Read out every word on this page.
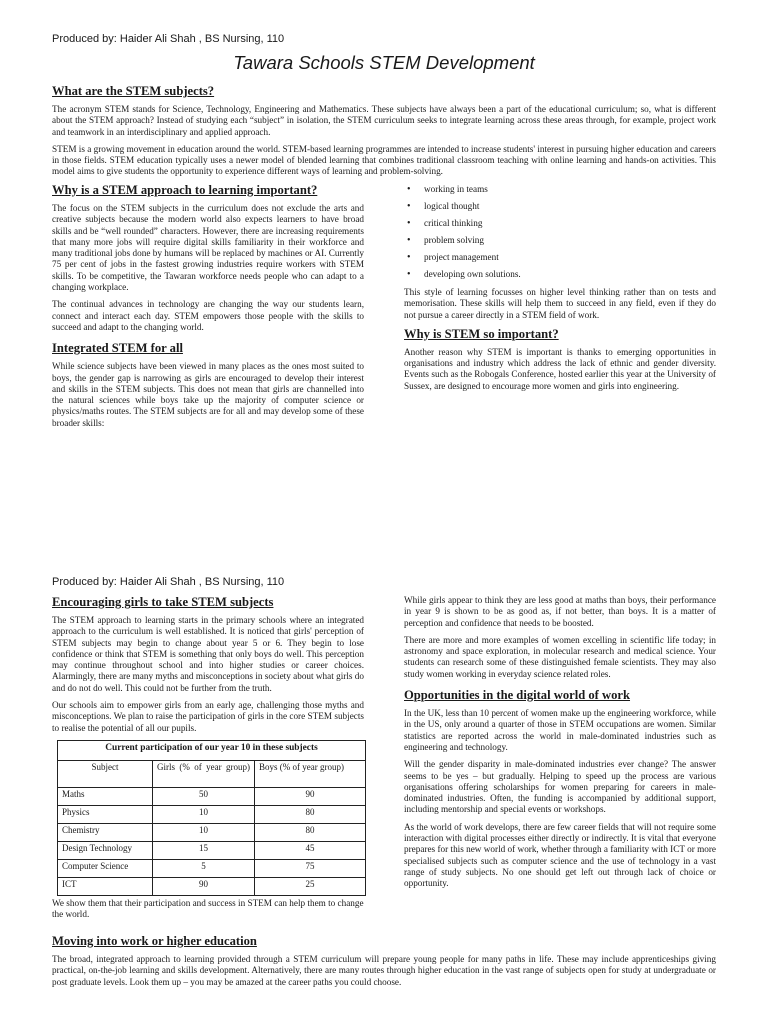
Produced by: Haider Ali Shah , BS Nursing, 110
Tawara Schools STEM Development
What are the STEM subjects?

The acronym STEM stands for Science, Technology, Engineering and Mathematics. These subjects have always been a part of the educational curriculum; so, what is different about the STEM approach? Instead of studying each “subject” in isolation, the STEM curriculum seeks to integrate learning across these areas through, for example, project work and teamwork in an interdisciplinary and applied approach.

STEM is a growing movement in education around the world. STEM-based learning programmes are intended to increase students' interest in pursuing higher education and careers in those fields. STEM education typically uses a newer model of blended learning that combines traditional classroom teaching with online learning and hands-on activities. This model aims to give students the opportunity to experience different ways of learning and problem-solving.

Why is a STEM approach to learning important?

The focus on the STEM subjects in the curriculum does not exclude the arts and creative subjects because the modern world also expects learners to have broad skills and be “well rounded” characters. However, there are increasing requirements that many more jobs will require digital skills familiarity in their workforce and many traditional jobs done by humans will be replaced by machines or AI. Currently 75 per cent of jobs in the fastest growing industries require workers with STEM skills. To be competitive, the Tawaran workforce needs people who can adapt to a changing workplace.

The continual advances in technology are changing the way our students learn, connect and interact each day. STEM empowers those people with the skills to succeed and adapt to the changing world.

Integrated STEM for all

While science subjects have been viewed in many places as the ones most suited to boys, the gender gap is narrowing as girls are encouraged to develop their interest and skills in the STEM subjects. This does not mean that girls are channelled into the natural sciences while boys take up the majority of computer science or physics/maths routes. The STEM subjects are for all and may develop some of these broader skills:

• working in teams
• logical thought
• critical thinking
• problem solving
• project management
• developing own solutions.

This style of learning focusses on higher level thinking rather than on tests and memorisation. These skills will help them to succeed in any field, even if they do not pursue a career directly in a STEM field of work.

Why is STEM so important?

Another reason why STEM is important is thanks to emerging opportunities in organisations and industry which address the lack of ethnic and gender diversity. Events such as the Robogals Conference, hosted earlier this year at the University of Sussex, are designed to encourage more women and girls into engineering.

Produced by: Haider Ali Shah , BS Nursing, 110
Encouraging girls to take STEM subjects

The STEM approach to learning starts in the primary schools where an integrated approach to the curriculum is well established. It is noticed that girls' perception of STEM subjects may begin to change about year 5 or 6. They begin to lose confidence or think that STEM is something that only boys do well. This perception may continue throughout school and into higher studies or career choices. Alarmingly, there are many myths and misconceptions in society about what girls do and do not do well. This could not be further from the truth.

Our schools aim to empower girls from an early age, challenging those myths and misconceptions. We plan to raise the participation of girls in the core STEM subjects to realise the potential of all our pupils.

Current participation of our year 10 in these subjects		
Subject	Girls (% of year group)	Boys (% of year group)
Maths	50	90
Physics	10	80
Chemistry	10	80
Design Technology	15	45
Computer Science	5	75
ICT	90	25

We show them that their participation and success in STEM can help them to change the world.

While girls appear to think they are less good at maths than boys, their performance in year 9 is shown to be as good as, if not better, than boys. It is a matter of perception and confidence that needs to be boosted.

There are more and more examples of women excelling in scientific life today; in astronomy and space exploration, in molecular research and medical science. Your students can research some of these distinguished female scientists. They may also study women working in everyday science related roles.

Opportunities in the digital world of work

In the UK, less than 10 percent of women make up the engineering workforce, while in the US, only around a quarter of those in STEM occupations are women. Similar statistics are reported across the world in male-dominated industries such as engineering and technology.

Will the gender disparity in male-dominated industries ever change? The answer seems to be yes – but gradually. Helping to speed up the process are various organisations offering scholarships for women preparing for careers in male-dominated industries. Often, the funding is accompanied by additional support, including mentorship and special events or workshops.

As the world of work develops, there are few career fields that will not require some interaction with digital processes either directly or indirectly. It is vital that everyone prepares for this new world of work, whether through a familiarity with ICT or more specialised subjects such as computer science and the use of technology in a vast range of study subjects. No one should get left out through lack of choice or opportunity.

Moving into work or higher education

The broad, integrated approach to learning provided through a STEM curriculum will prepare young people for many paths in life. These may include apprenticeships giving practical, on-the-job learning and skills development. Alternatively, there are many routes through higher education in the vast range of subjects open for study at undergraduate or post graduate levels. Look them up – you may be amazed at the career paths you could choose.
